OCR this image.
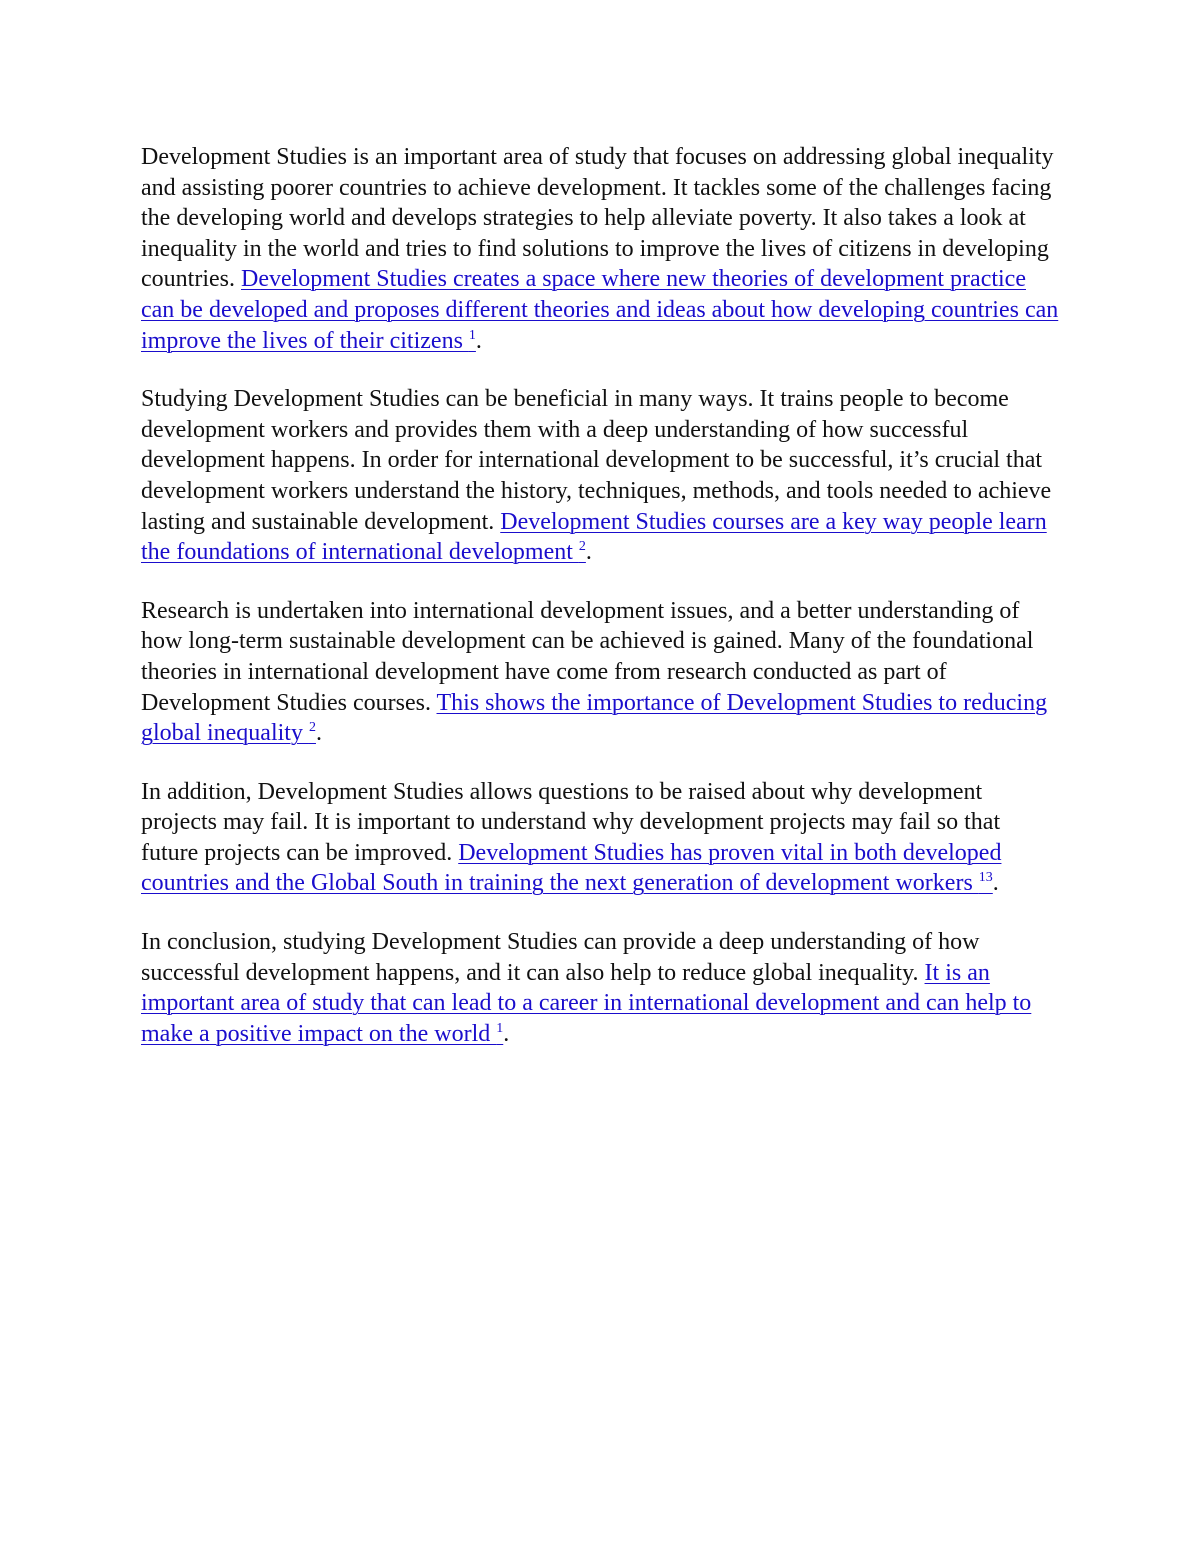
Development Studies is an important area of study that focuses on addressing global inequality and assisting poorer countries to achieve development. It tackles some of the challenges facing the developing world and develops strategies to help alleviate poverty. It also takes a look at inequality in the world and tries to find solutions to improve the lives of citizens in developing countries. Development Studies creates a space where new theories of development practice can be developed and proposes different theories and ideas about how developing countries can improve the lives of their citizens $^1$.

Studying Development Studies can be beneficial in many ways. It trains people to become development workers and provides them with a deep understanding of how successful development happens. In order for international development to be successful, it’s crucial that development workers understand the history, techniques, methods, and tools needed to achieve lasting and sustainable development. Development Studies courses are a key way people learn the foundations of international development $^2$.

Research is undertaken into international development issues, and a better understanding of how long-term sustainable development can be achieved is gained. Many of the foundational theories in international development have come from research conducted as part of Development Studies courses. This shows the importance of Development Studies to reducing global inequality $^2$.

In addition, Development Studies allows questions to be raised about why development projects may fail. It is important to understand why development projects may fail so that future projects can be improved. Development Studies has proven vital in both developed countries and the Global South in training the next generation of development workers $^{13}$.

In conclusion, studying Development Studies can provide a deep understanding of how successful development happens, and it can also help to reduce global inequality. It is an important area of study that can lead to a career in international development and can help to make a positive impact on the world $^1$.
